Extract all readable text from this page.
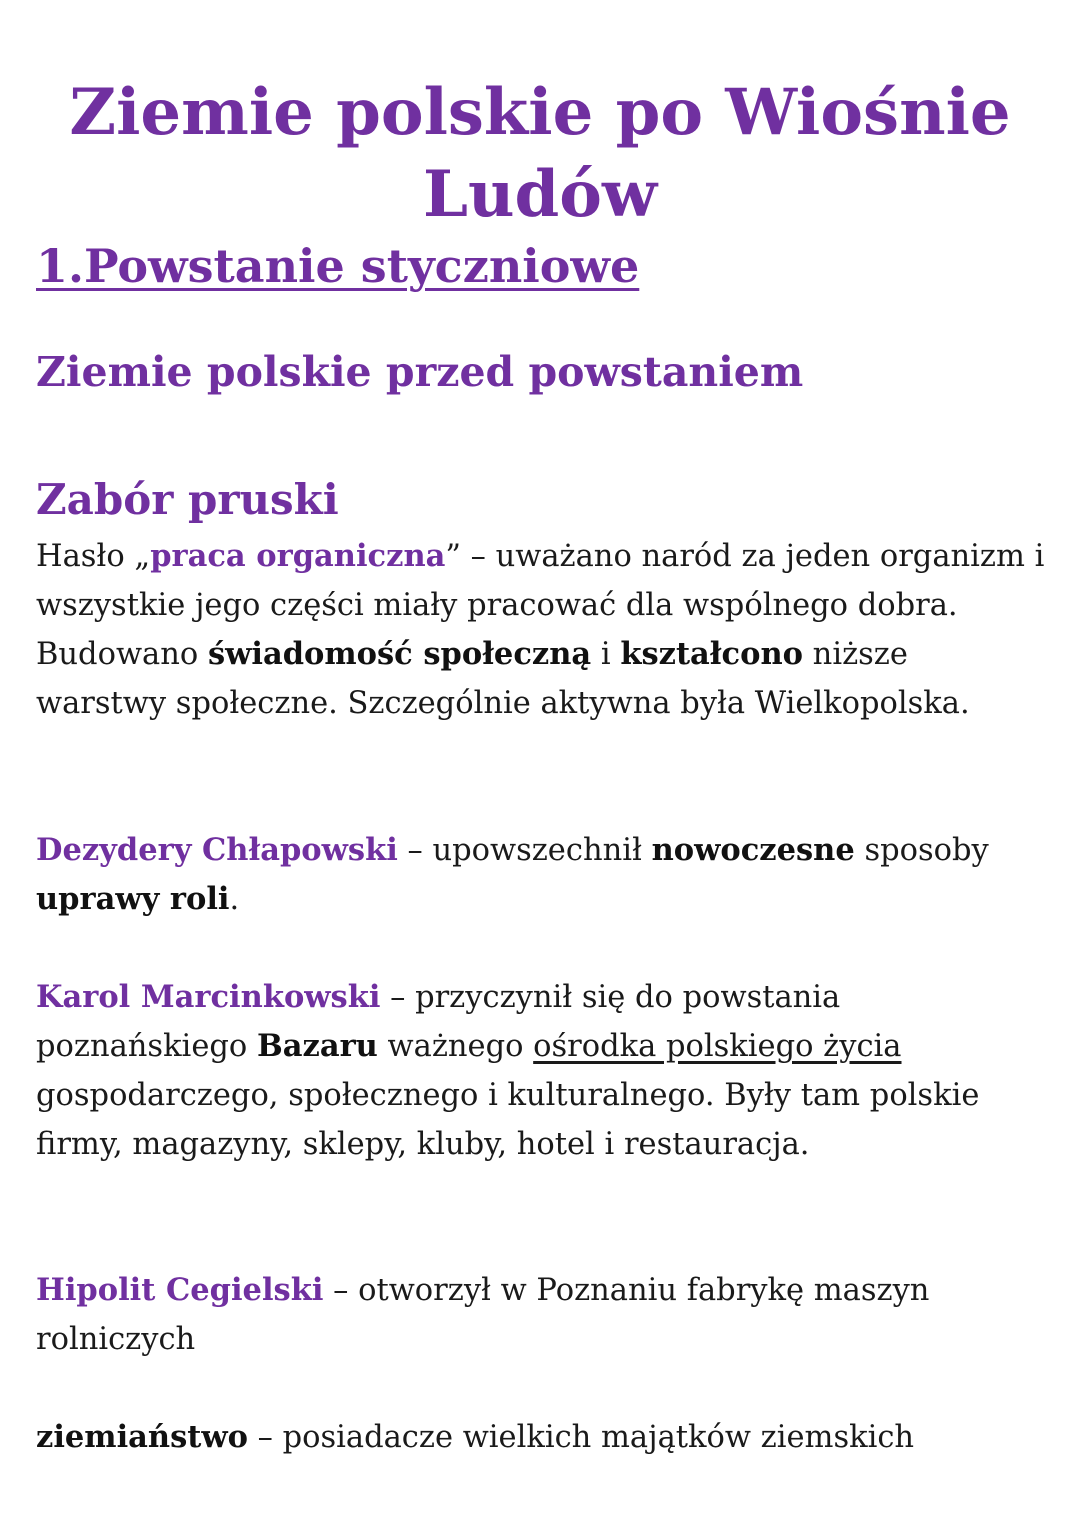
Ziemie polskie po Wiośnie Ludów
1.Powstanie styczniowe
Ziemie polskie przed powstaniem
Zabór pruski

Hasło „praca organiczna” – uważano naród za jeden organizm i wszystkie jego części miały pracować dla wspólnego dobra. Budowano świadomość społeczną i kształcono niższe warstwy społeczne. Szczególnie aktywna była Wielkopolska.

Dezydery Chłapowski – upowszechnił nowoczesne sposoby uprawy roli.

Karol Marcinkowski – przyczynił się do powstania poznańskiego Bazaru ważnego ośrodka polskiego życia gospodarczego, społecznego i kulturalnego. Były tam polskie firmy, magazyny, sklepy, kluby, hotel i restauracja.

Hipolit Cegielski – otworzył w Poznaniu fabrykę maszyn rolniczych

ziemiaństwo – posiadacze wielkich majątków ziemskich
